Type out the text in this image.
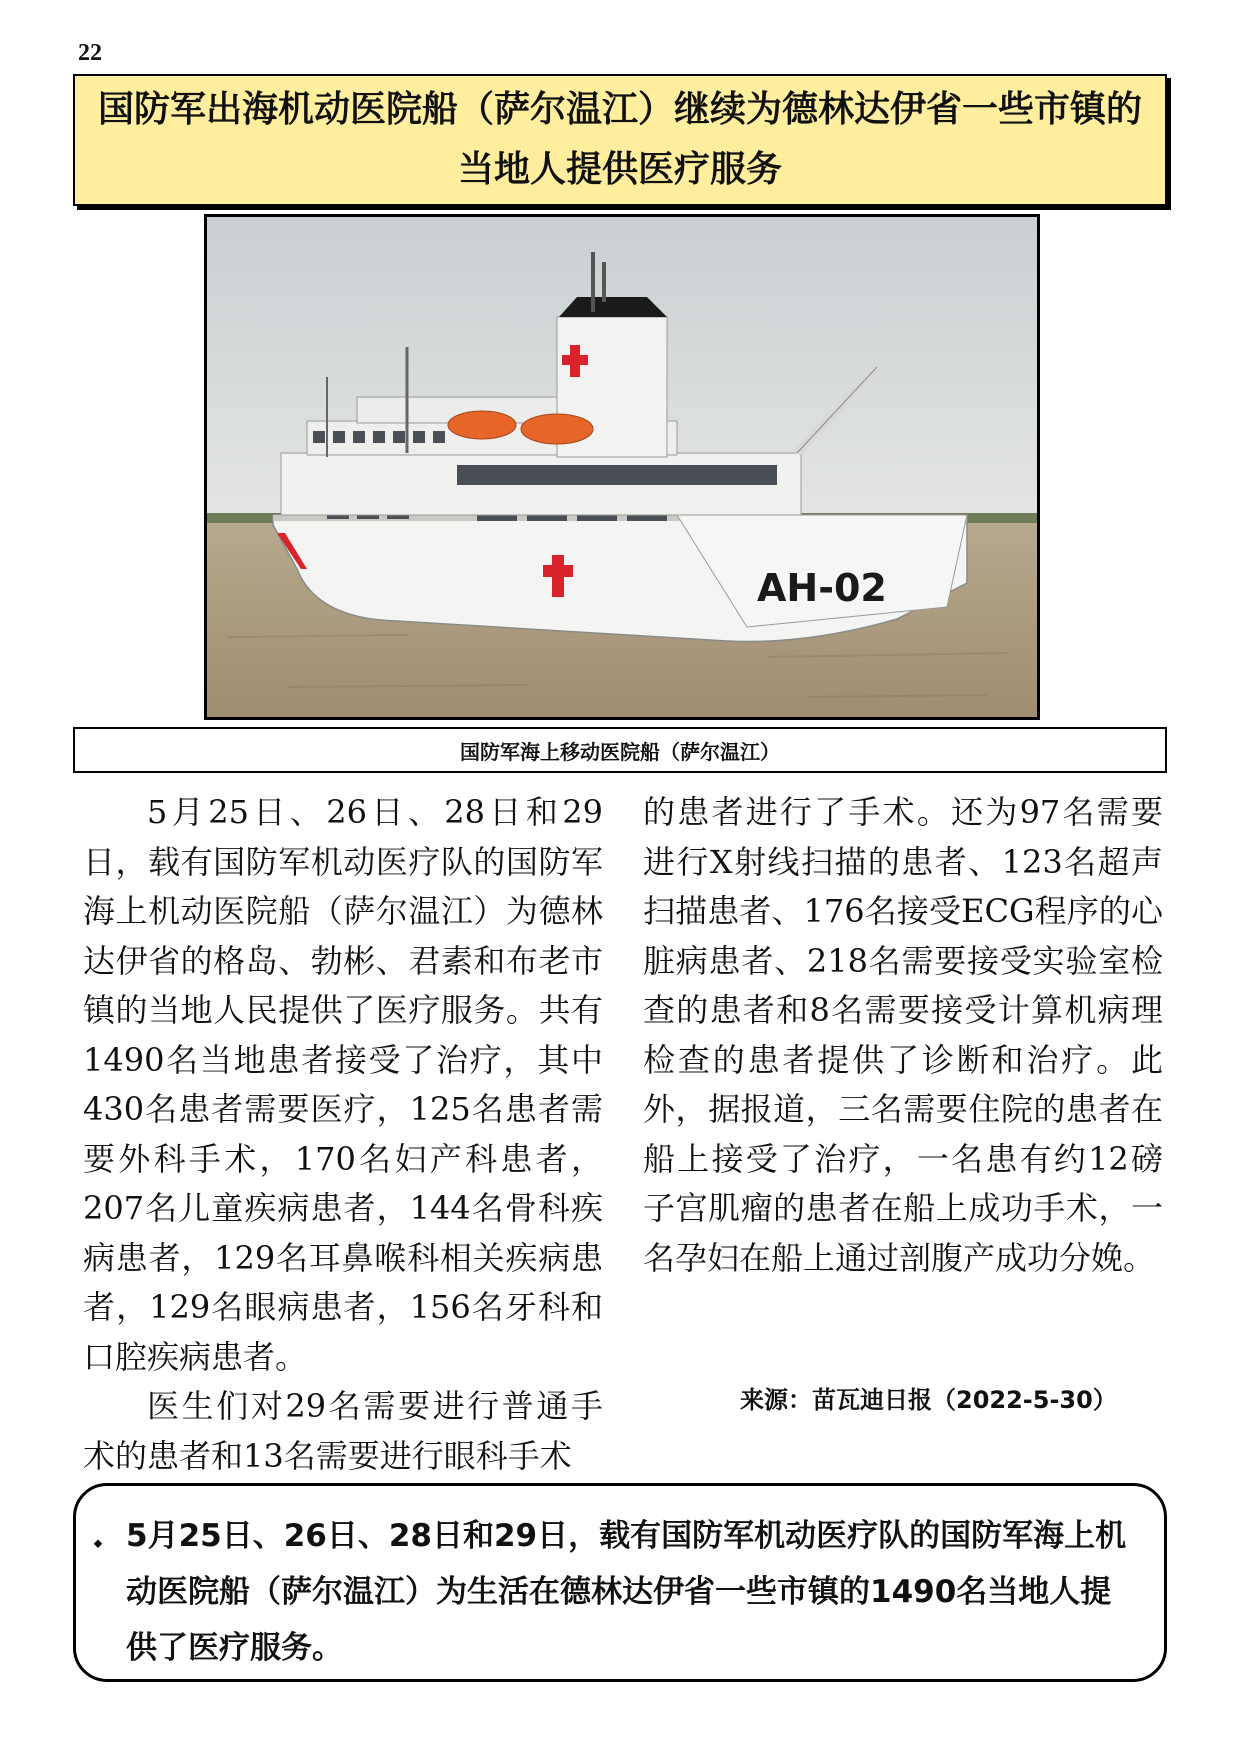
22
国防军出海机动医院船（萨尔温江）继续为德林达伊省一些市镇的当地人提供医疗服务
AH-02
国防军海上移动医院船（萨尔温江）

5月25日、26日、28日和29日，载有国防军机动医疗队的国防军海上机动医院船（萨尔温江）为德林达伊省的格岛、勃彬、君素和布老市镇的当地人民提供了医疗服务。共有1490名当地患者接受了治疗，其中430名患者需要医疗，125名患者需要外科手术，170名妇产科患者，207名儿童疾病患者，144名骨科疾病患者，129名耳鼻喉科相关疾病患者，129名眼病患者，156名牙科和口腔疾病患者。

医生们对29名需要进行普通手术的患者和13名需要进行眼科手术

的患者进行了手术。还为97名需要进行X射线扫描的患者、123名超声扫描患者、176名接受ECG程序的心脏病患者、218名需要接受实验室检查的患者和8名需要接受计算机病理检查的患者提供了诊断和治疗。此外，据报道，三名需要住院的患者在船上接受了治疗，一名患有约12磅子宫肌瘤的患者在船上成功手术，一名孕妇在船上通过剖腹产成功分娩。

来源：苗瓦迪日报（2022-5-30）
⬩ 5月25日、26日、28日和29日，载有国防军机动医疗队的国防军海上机动医院船（萨尔温江）为生活在德林达伊省一些市镇的1490名当地人提供了医疗服务。
